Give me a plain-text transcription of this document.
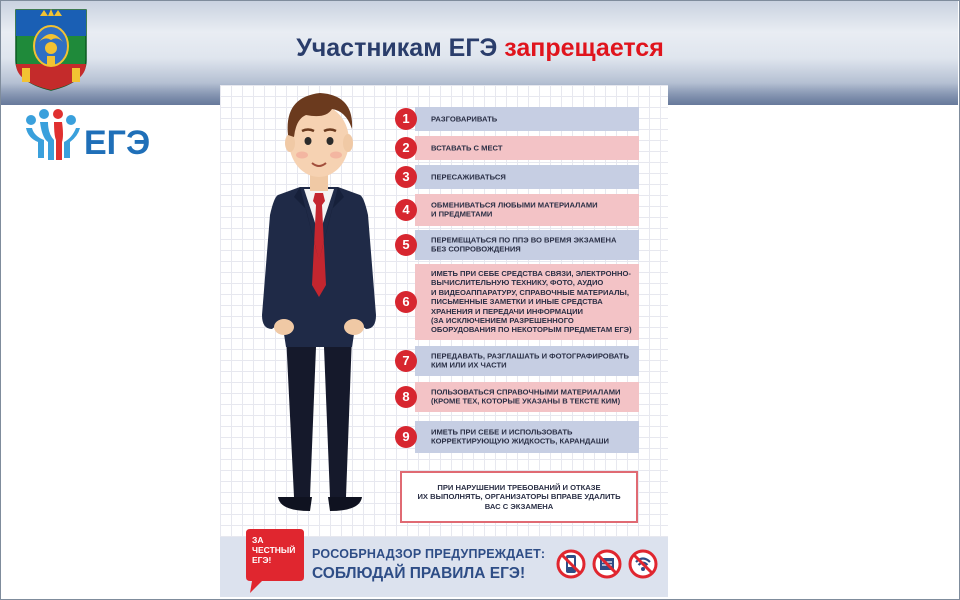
Участникам ЕГЭ запрещается
ЕГЭ
1	РАЗГОВАРИВАТЬ
2	ВСТАВАТЬ С МЕСТ
3	ПЕРЕСАЖИВАТЬСЯ
4	ОБМЕНИВАТЬСЯ ЛЮБЫМИ МАТЕРИАЛАМИ
И ПРЕДМЕТАМИ
5	ПЕРЕМЕЩАТЬСЯ ПО ППЭ ВО ВРЕМЯ ЭКЗАМЕНА
БЕЗ СОПРОВОЖДЕНИЯ
6
ИМЕТЬ ПРИ СЕБЕ СРЕДСТВА СВЯЗИ, ЭЛЕКТРОННО-
ВЫЧИСЛИТЕЛЬНУЮ ТЕХНИКУ, ФОТО, АУДИО
И ВИДЕОАППАРАТУРУ, СПРАВОЧНЫЕ МАТЕРИАЛЫ,
ПИСЬМЕННЫЕ ЗАМЕТКИ И ИНЫЕ СРЕДСТВА
ХРАНЕНИЯ И ПЕРЕДАЧИ ИНФОРМАЦИИ
(ЗА ИСКЛЮЧЕНИЕМ РАЗРЕШЕННОГО
ОБОРУДОВАНИЯ ПО НЕКОТОРЫМ ПРЕДМЕТАМ ЕГЭ)
7	ПЕРЕДАВАТЬ, РАЗГЛАШАТЬ И ФОТОГРАФИРОВАТЬ
КИМ ИЛИ ИХ ЧАСТИ
8	ПОЛЬЗОВАТЬСЯ СПРАВОЧНЫМИ МАТЕРИАЛАМИ
(КРОМЕ ТЕХ, КОТОРЫЕ УКАЗАНЫ В ТЕКСТЕ КИМ)
9	ИМЕТЬ ПРИ СЕБЕ И ИСПОЛЬЗОВАТЬ
КОРРЕКТИРУЮЩУЮ ЖИДКОСТЬ, КАРАНДАШИ
ПРИ НАРУШЕНИИ ТРЕБОВАНИЙ И ОТКАЗЕ
ИХ ВЫПОЛНЯТЬ, ОРГАНИЗАТОРЫ ВПРАВЕ УДАЛИТЬ
ВАС С ЭКЗАМЕНА
ЗА
ЧЕСТНЫЙ
ЕГЭ!	РОСОБРНАДЗОР ПРЕДУПРЕЖДАЕТ:
СОБЛЮДАЙ ПРАВИЛА ЕГЭ!
